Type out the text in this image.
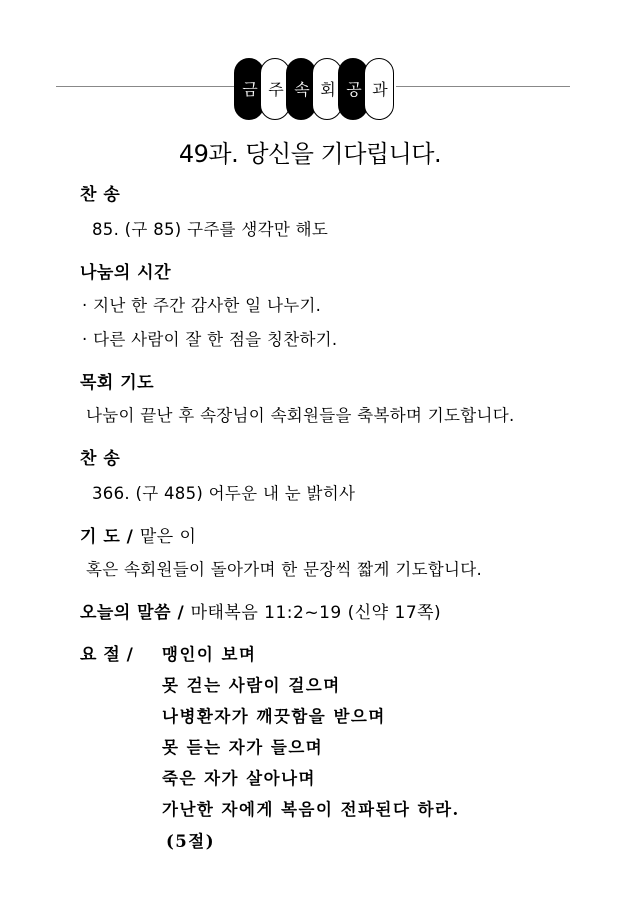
금 주 속 회 공 과
49과. 당신을 기다립니다.
찬 송
85. (구 85) 구주를 생각만 해도
나눔의 시간
· 지난 한 주간 감사한 일 나누기.
· 다른 사람이 잘 한 점을 칭찬하기.
목회 기도
나눔이 끝난 후 속장님이 속회원들을 축복하며 기도합니다.
찬 송
366. (구 485) 어두운 내 눈 밝히사
기 도 / 맡은 이
혹은 속회원들이 돌아가며 한 문장씩 짧게 기도합니다.
오늘의 말씀 / 마태복음 11:2~19 (신약 17쪽)
요 절 / 맹인이 보며
못 걷는 사람이 걸으며
나병환자가 깨끗함을 받으며
못 듣는 자가 들으며
죽은 자가 살아나며
가난한 자에게 복음이 전파된다 하라.
(5절)
